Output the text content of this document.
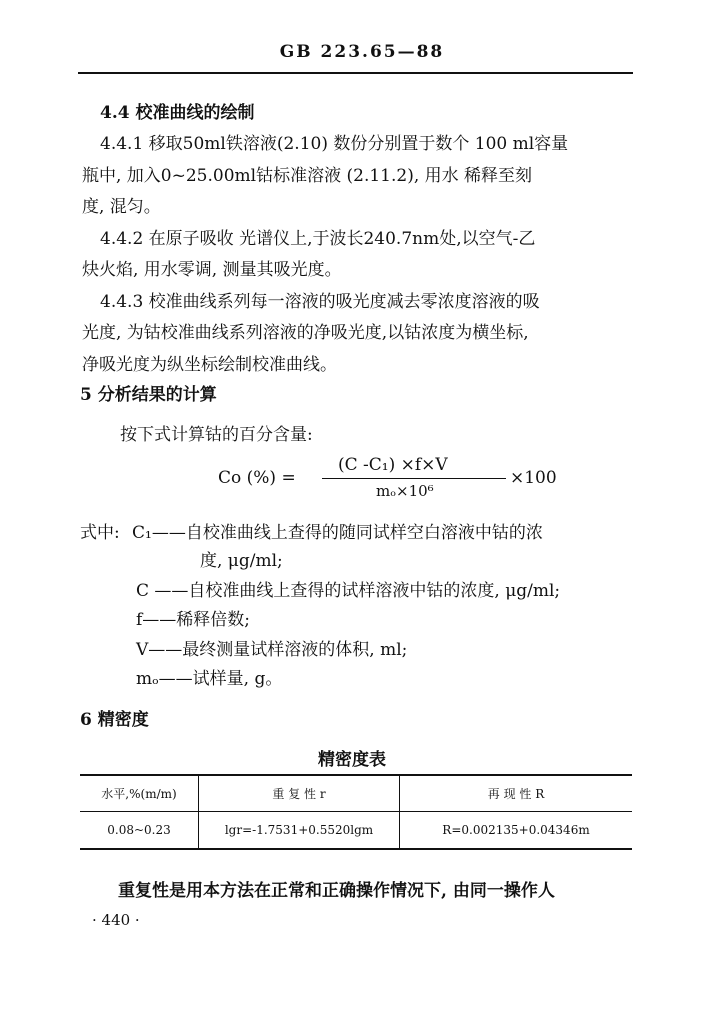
GB 223.65—88
4.4 校准曲线的绘制
4.4.1 移取50ml铁溶液(2.10) 数份分别置于数个 100 ml容量
瓶中, 加入0~25.00ml钴标准溶液 (2.11.2), 用水 稀释至刻
度, 混匀。
4.4.2 在原子吸收 光谱仪上,于波长240.7nm处,以空气-乙
炔火焰, 用水零调, 测量其吸光度。
4.4.3 校准曲线系列每一溶液的吸光度减去零浓度溶液的吸
光度, 为钴校准曲线系列溶液的净吸光度,以钴浓度为横坐标,
净吸光度为纵坐标绘制校准曲线。
5 分析结果的计算
按下式计算钴的百分含量:
Co (%) =
(C -C₁) ×f×V
mₒ×10⁶
×100
式中: C₁——自校准曲线上查得的随同试样空白溶液中钴的浓
度, μg/ml;
C ——自校准曲线上查得的试样溶液中钴的浓度, μg/ml;
f——稀释倍数;
V——最终测量试样溶液的体积, ml;
mₒ——试样量, g。
6 精密度
精密度表
水平,%(m/m)	重 复 性 r	再 现 性 R
0.08~0.23	lgr=-1.7531+0.5520lgm	R=0.002135+0.04346m
重复性是用本方法在正常和正确操作情况下, 由同一操作人
· 440 ·
